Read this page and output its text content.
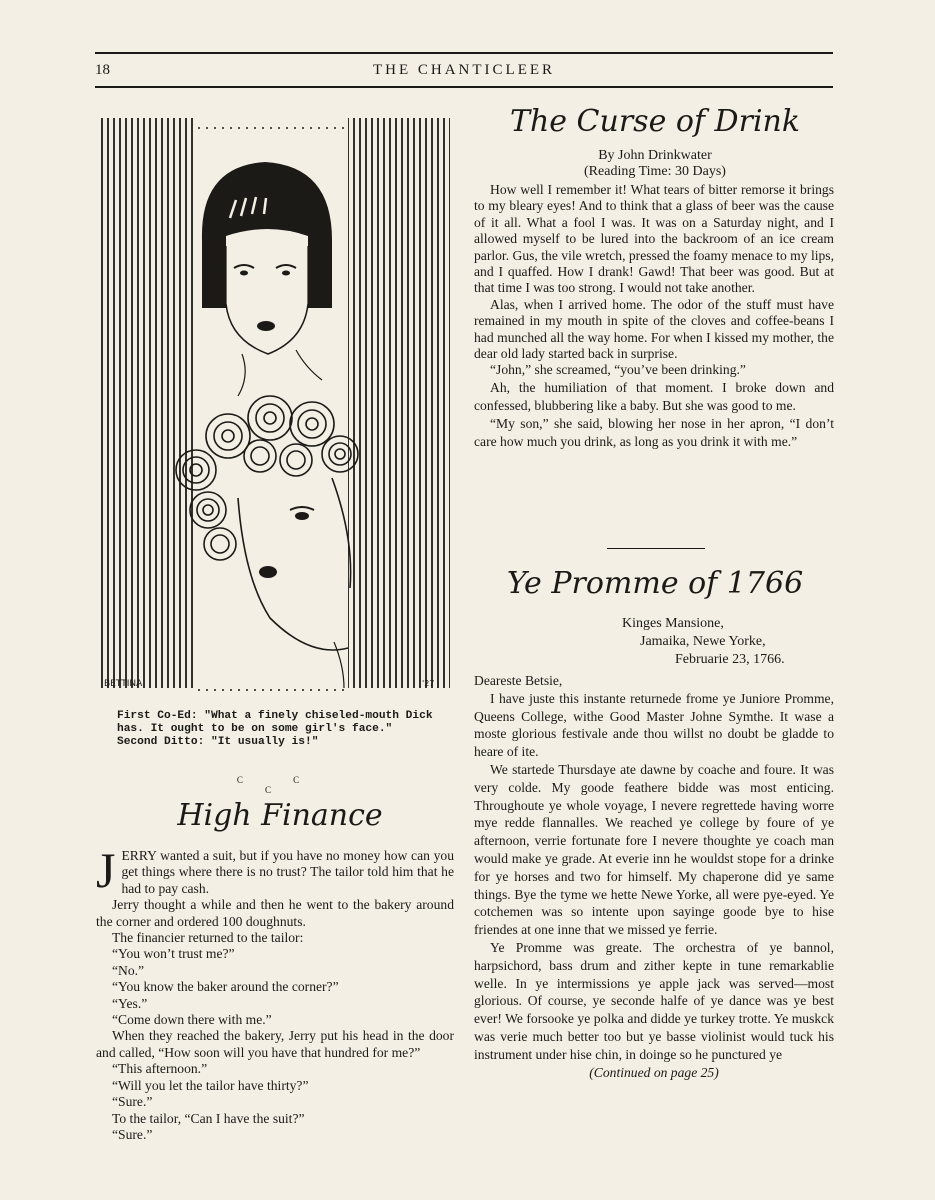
18	THE CHANTICLEER
BETTINA	'27
First Co-Ed: "What a finely chiseled-mouth Dick
has. It ought to be on some girl's face."
Second Ditto: "It usually is!"
C C C
High Finance

JERRY wanted a suit, but if you have no money how can you get things where there is no trust? The tailor told him that he had to pay cash.

Jerry thought a while and then he went to the bakery around the corner and ordered 100 doughnuts.

The financier returned to the tailor:

“You won’t trust me?”

“No.”

“You know the baker around the corner?”

“Yes.”

“Come down there with me.”

When they reached the bakery, Jerry put his head in the door and called, “How soon will you have that hundred for me?”

“This afternoon.”

“Will you let the tailor have thirty?”

“Sure.”

To the tailor, “Can I have the suit?”

“Sure.”

The Curse of Drink
By John Drinkwater
(Reading Time: 30 Days)

How well I remember it! What tears of bitter remorse it brings to my bleary eyes! And to think that a glass of beer was the cause of it all. What a fool I was. It was on a Saturday night, and I allowed myself to be lured into the backroom of an ice cream parlor. Gus, the vile wretch, pressed the foamy menace to my lips, and I quaffed. How I drank! Gawd! That beer was good. But at that time I was too strong. I would not take another.

Alas, when I arrived home. The odor of the stuff must have remained in my mouth in spite of the cloves and coffee-beans I had munched all the way home. For when I kissed my mother, the dear old lady started back in surprise.

“John,” she screamed, “you’ve been drinking.”

Ah, the humiliation of that moment. I broke down and confessed, blubbering like a baby. But she was good to me.

“My son,” she said, blowing her nose in her apron, “I don’t care how much you drink, as long as you drink it with me.”

Ye Promme of 1766
Kinges Mansione,
Jamaika, Newe Yorke,
Februarie 23, 1766.

Deareste Betsie,

I have juste this instante returnede frome ye Juniore Promme, Queens College, withe Good Master Johne Symthe. It wase a moste glorious festivale ande thou willst no doubt be gladde to heare of ite.

We startede Thursdaye ate dawne by coache and foure. It was very colde. My goode featherе bidde was most enticing. Throughoute ye whole voyage, I nevere regrettede having worre mye redde flannalles. We reached ye college by foure of ye afternoon, verrie fortunate fore I nevere thoughte ye coach man would make ye grade. At everie inn he wouldst stope for a drinke for ye horses and two for himself. My chaperone did ye same things. Bye the tyme we hette Newe Yorke, all were pye-eyed. Ye cotchemen was so intente upon sayinge goode bye to hise friendes at one inne that we missed ye ferrie.

Ye Promme was greate. The orchestra of ye bannol, harpsichord, bass drum and zither kepte in tune remarkablie welle. In ye intermissions ye apple jack was served—most glorious. Of course, ye seconde halfe of ye dance was ye best ever! We forsooke ye polka and didde ye turkey trotte. Ye muskck was verie much better too but ye basse violinist would tuck his instrument under hise chin, in doinge so he punctured ye

(Continued on page 25)
